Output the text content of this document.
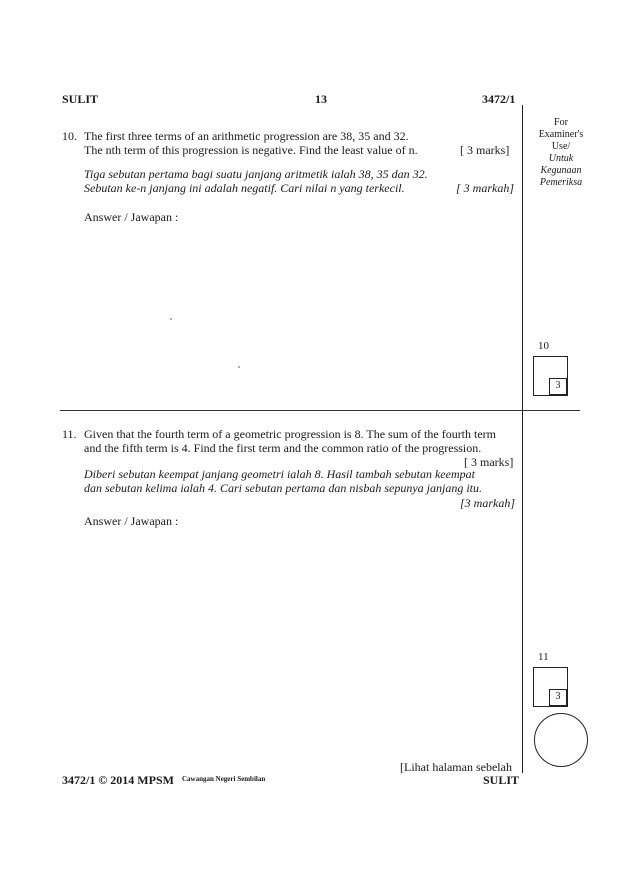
SULIT	13	3472/1
For
Examiner's
Use/
Untuk
Kegunaan
Pemeriksa
10. The first three terms of an arithmetic progression are 38, 35 and 32.
The nth term of this progression is negative. Find the least value of n.	[ 3 marks]
Tiga sebutan pertama bagi suatu janjang aritmetik ialah 38, 35 dan 32.
Sebutan ke-n janjang ini adalah negatif. Cari nilai n yang terkecil.	[ 3 markah]
Answer / Jawapan :
10
3
11. Given that the fourth term of a geometric progression is 8. The sum of the fourth term
and the fifth term is 4. Find the first term and the common ratio of the progression.
[ 3 marks]
Diberi sebutan keempat janjang geometri ialah 8. Hasil tambah sebutan keempat
dan sebutan kelima ialah 4. Cari sebutan pertama dan nisbah sepunya janjang itu.
[3 markah]
Answer / Jawapan :
11
3
[Lihat halaman sebelah
3472/1 © 2014 MPSM Cawangan Negeri Sembilan	SULIT
